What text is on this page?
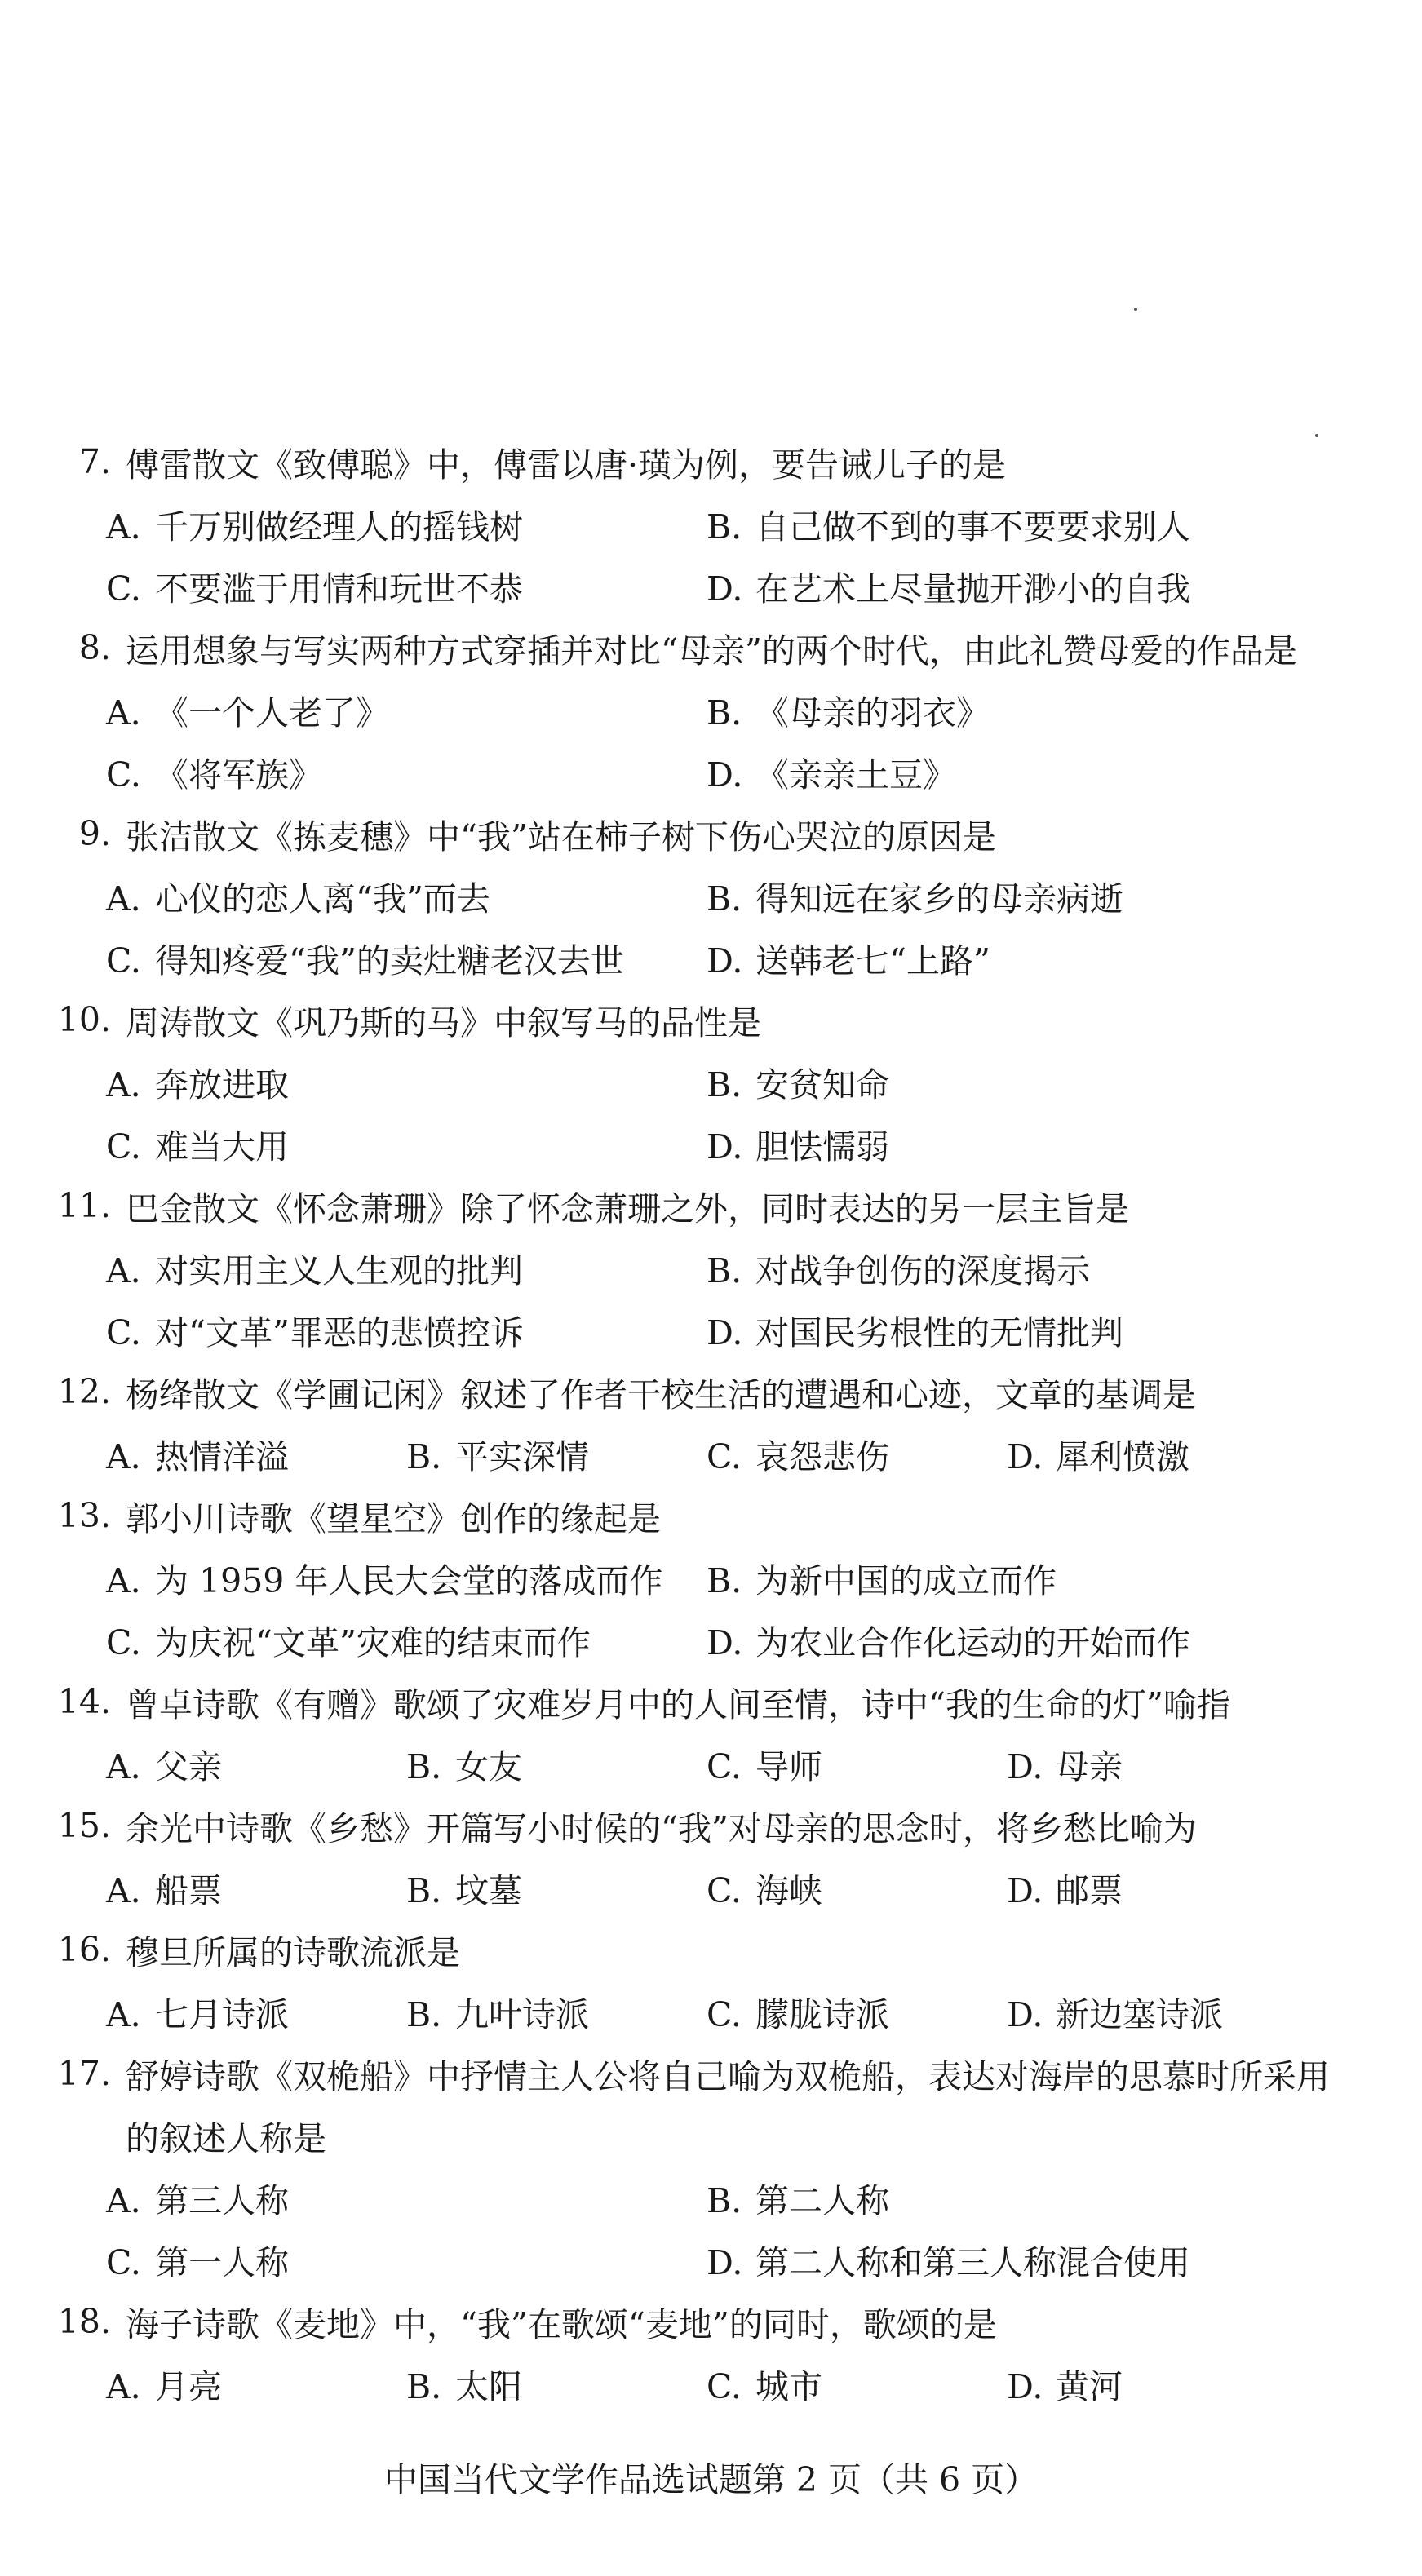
7. 傅雷散文《致傅聪》中，傅雷以唐·璜为例，要告诫儿子的是
A. 千万别做经理人的摇钱树	B. 自己做不到的事不要要求别人
C. 不要滥于用情和玩世不恭	D. 在艺术上尽量抛开渺小的自我
8. 运用想象与写实两种方式穿插并对比“母亲”的两个时代，由此礼赞母爱的作品是
A. 《一个人老了》	B. 《母亲的羽衣》
C. 《将军族》	D. 《亲亲土豆》
9. 张洁散文《拣麦穗》中“我”站在柿子树下伤心哭泣的原因是
A. 心仪的恋人离“我”而去	B. 得知远在家乡的母亲病逝
C. 得知疼爱“我”的卖灶糖老汉去世	D. 送韩老七“上路”
10. 周涛散文《巩乃斯的马》中叙写马的品性是
A. 奔放进取	B. 安贫知命
C. 难当大用	D. 胆怯懦弱
11. 巴金散文《怀念萧珊》除了怀念萧珊之外，同时表达的另一层主旨是
A. 对实用主义人生观的批判	B. 对战争创伤的深度揭示
C. 对“文革”罪恶的悲愤控诉	D. 对国民劣根性的无情批判
12. 杨绛散文《学圃记闲》叙述了作者干校生活的遭遇和心迹，文章的基调是
A. 热情洋溢	B. 平实深情	C. 哀怨悲伤	D. 犀利愤激
13. 郭小川诗歌《望星空》创作的缘起是
A. 为 1959 年人民大会堂的落成而作	B. 为新中国的成立而作
C. 为庆祝“文革”灾难的结束而作	D. 为农业合作化运动的开始而作
14. 曾卓诗歌《有赠》歌颂了灾难岁月中的人间至情，诗中“我的生命的灯”喻指
A. 父亲	B. 女友	C. 导师	D. 母亲
15. 余光中诗歌《乡愁》开篇写小时候的“我”对母亲的思念时，将乡愁比喻为
A. 船票	B. 坟墓	C. 海峡	D. 邮票
16. 穆旦所属的诗歌流派是
A. 七月诗派	B. 九叶诗派	C. 朦胧诗派	D. 新边塞诗派
17. 舒婷诗歌《双桅船》中抒情主人公将自己喻为双桅船，表达对海岸的思慕时所采用
的叙述人称是
A. 第三人称	B. 第二人称
C. 第一人称	D. 第二人称和第三人称混合使用
18. 海子诗歌《麦地》中，“我”在歌颂“麦地”的同时，歌颂的是
A. 月亮	B. 太阳	C. 城市	D. 黄河
中国当代文学作品选试题第 2 页（共 6 页）
